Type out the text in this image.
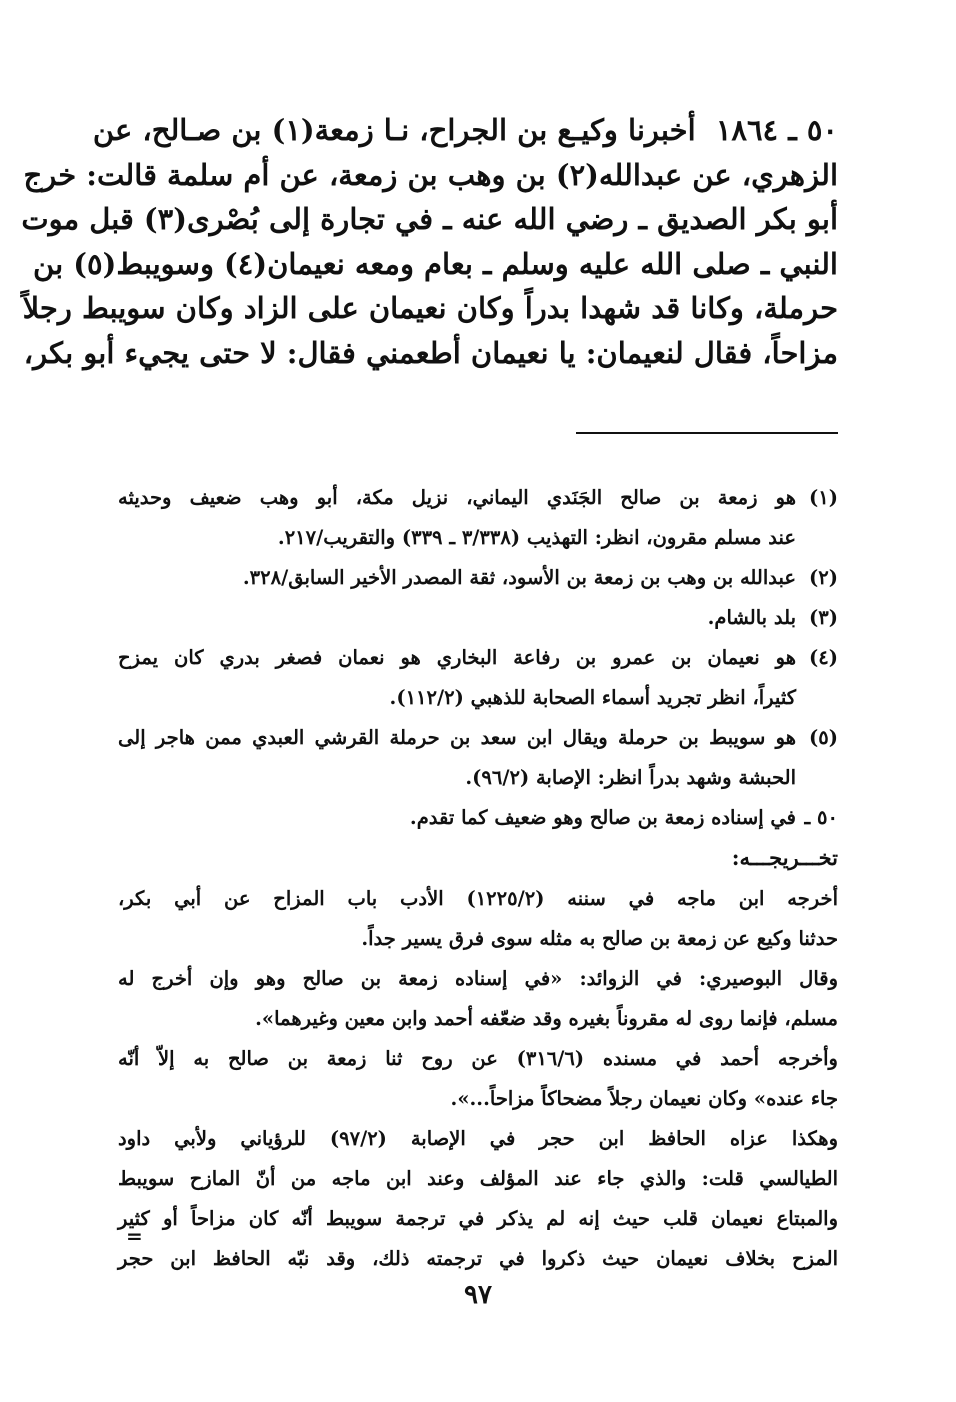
٥٠ ـ ١٨٦٤  أخبرنا وكيـع بن الجراح، نـا زمعة(١) بن صـالح، عن
الزهري، عن عبدالله(٢) بن وهب بن زمعة، عن أم سلمة قالت: خرج
أبو بكر الصديق ـ رضي الله عنه ـ في تجارة إلى بُصْرى(٣) قبل موت
النبي ـ صلى الله عليه وسلم ـ بعام ومعه نعيمان(٤) وسويبط(٥) بن
حرملة، وكانا قد شهدا بدراً وكان نعيمان على الزاد وكان سويبط رجلاً
مزاحاً، فقال لنعيمان: يا نعيمان أطعمني فقال: لا حتى يجيء أبو بكر،
(١)
هو زمعة بن صالح الجَنَدي اليماني، نزيل مكة، أبو وهب ضعيف وحديثه
عند مسلم مقرون، انظر: التهذيب (٣/٣٣٨ ـ ٣٣٩) والتقريب/٢١٧.
(٢)
عبدالله بن وهب بن زمعة بن الأسود، ثقة المصدر الأخير السابق/٣٢٨.
(٣)
بلد بالشام.
(٤)
هو نعيمان بن عمرو بن رفاعة البخاري هو نعمان فصغر بدري كان يمزح
كثيراً، انظر تجريد أسماء الصحابة للذهبي (١١٢/٢).
(٥)
هو سويبط بن حرملة ويقال ابن سعد بن حرملة القرشي العبدي ممن هاجر إلى
الحبشة وشهد بدراً انظر: الإصابة (٩٦/٢).
٥٠ ـ
في إسناده زمعة بن صالح وهو ضعيف كما تقدم.
تخـــريجـــه:
أخرجه ابن ماجه في سننه (١٢٢٥/٢) الأدب باب المزاح عن أبي بكر،
حدثنا وكيع عن زمعة بن صالح به مثله سوى فرق يسير جداً.
وقال البوصيري: في الزوائد: «في إسناده زمعة بن صالح وهو وإن أخرج له
مسلم، فإنما روى له مقروناً بغيره وقد ضعّفه أحمد وابن معين وغيرهما».
وأخرجه أحمد في مسنده (٣١٦/٦) عن روح ثنا زمعة بن صالح به إلاّ أنّه
جاء عنده» وكان نعيمان رجلاً مضحاكاً مزاحاً...».
وهكذا عزاه الحافظ ابن حجر في الإصابة (٩٧/٢) للرؤياني ولأبي داود
الطيالسي قلت: والذي جاء عند المؤلف وعند ابن ماجه من أنّ المازح سويبط
والمبتاع نعيمان قلب حيث إنه لم يذكر في ترجمة سويبط أنّه كان مزاحاً أو كثير
المزح بخلاف نعيمان حيث ذكروا في ترجمته ذلك، وقد نبّه الحافظ ابن حجر
=
٩٧
